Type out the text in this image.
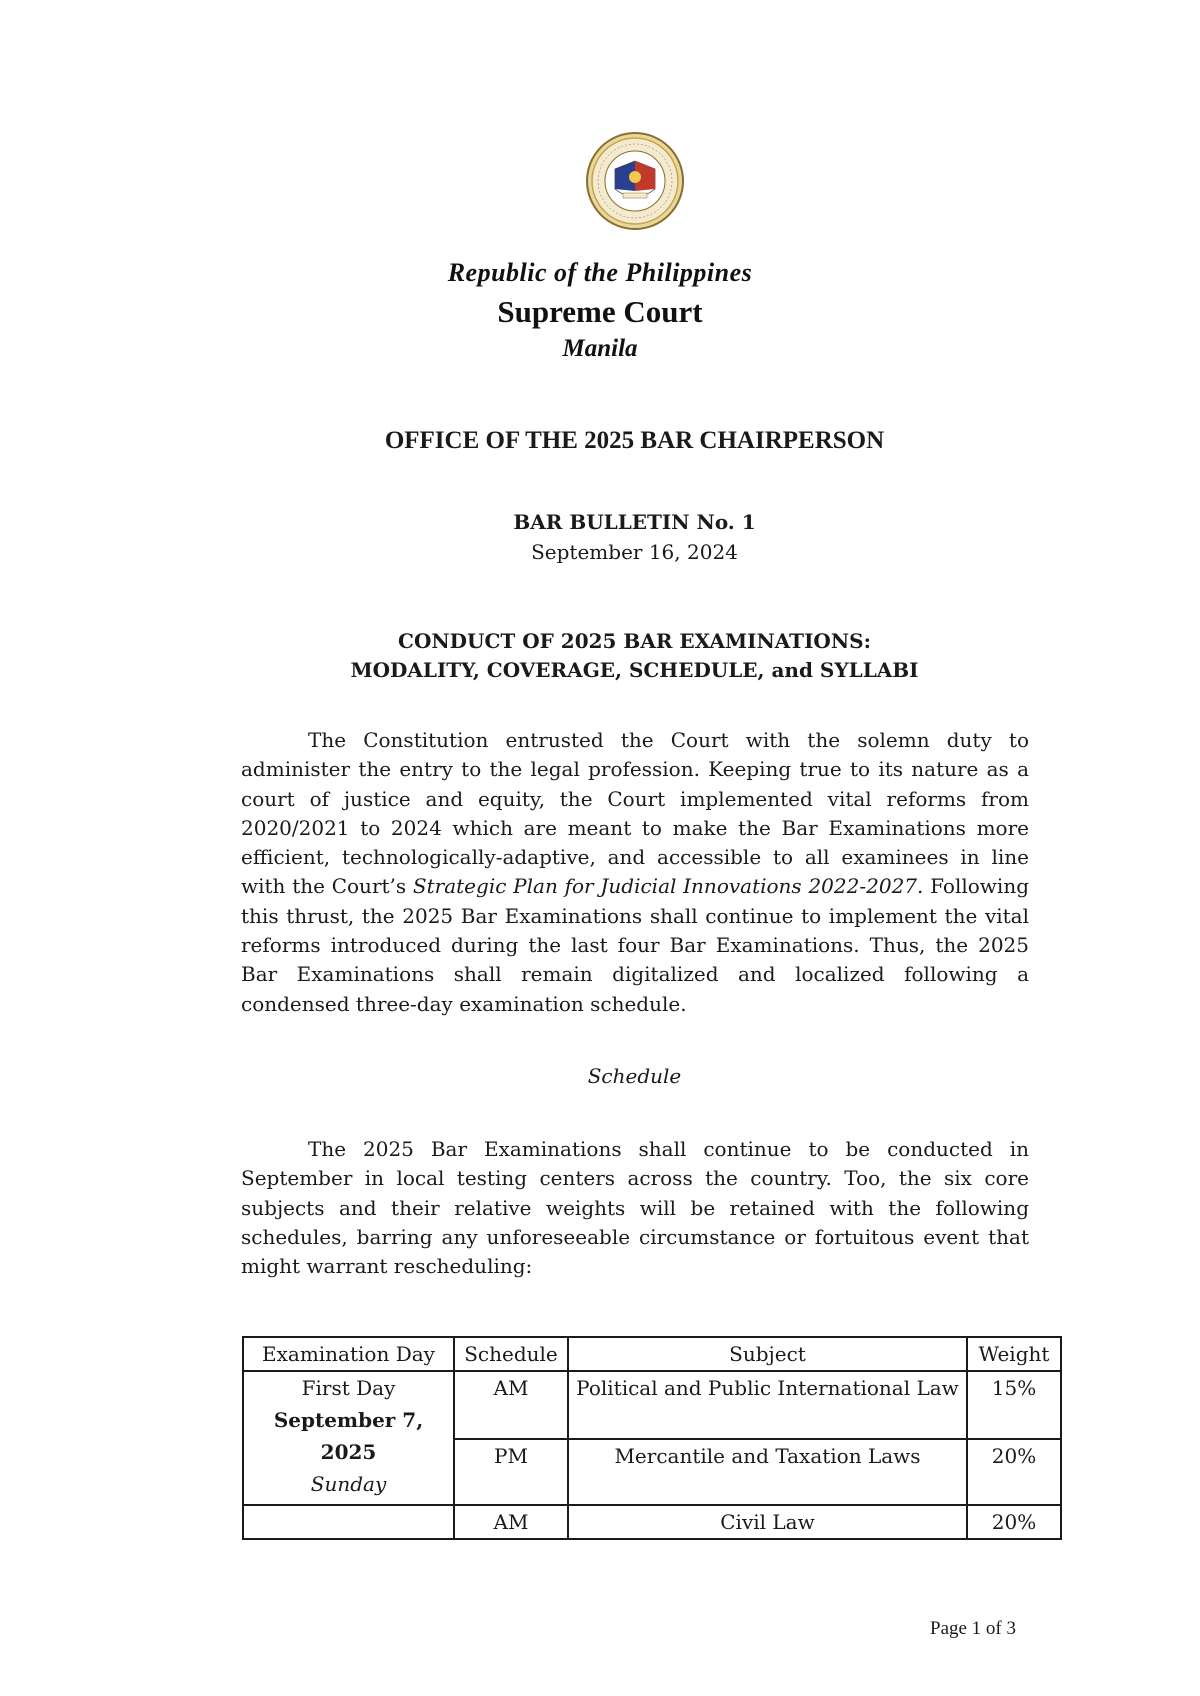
Republic of the Philippines
Supreme Court
Manila
OFFICE OF THE 2025 BAR CHAIRPERSON
BAR BULLETIN No. 1
September 16, 2024
CONDUCT OF 2025 BAR EXAMINATIONS:
MODALITY, COVERAGE, SCHEDULE, and SYLLABI

The Constitution entrusted the Court with the solemn duty to administer the entry to the legal profession. Keeping true to its nature as a court of justice and equity, the Court implemented vital reforms from 2020/2021 to 2024 which are meant to make the Bar Examinations more efficient, technologically-adaptive, and accessible to all examinees in line with the Court’s Strategic Plan for Judicial Innovations 2022-2027. Following this thrust, the 2025 Bar Examinations shall continue to implement the vital reforms introduced during the last four Bar Examinations. Thus, the 2025 Bar Examinations shall remain digitalized and localized following a condensed three-day examination schedule.

Schedule

The 2025 Bar Examinations shall continue to be conducted in September in local testing centers across the country. Too, the six core subjects and their relative weights will be retained with the following schedules, barring any unforeseeable circumstance or fortuitous event that might warrant rescheduling:

Examination Day	Schedule	Subject	Weight

First Day
September 7,
2025
Sunday	AM	Political and Public International Law	15%
	PM	Mercantile and Taxation Laws	20%
	AM	Civil Law	20%
Page 1 of 3
